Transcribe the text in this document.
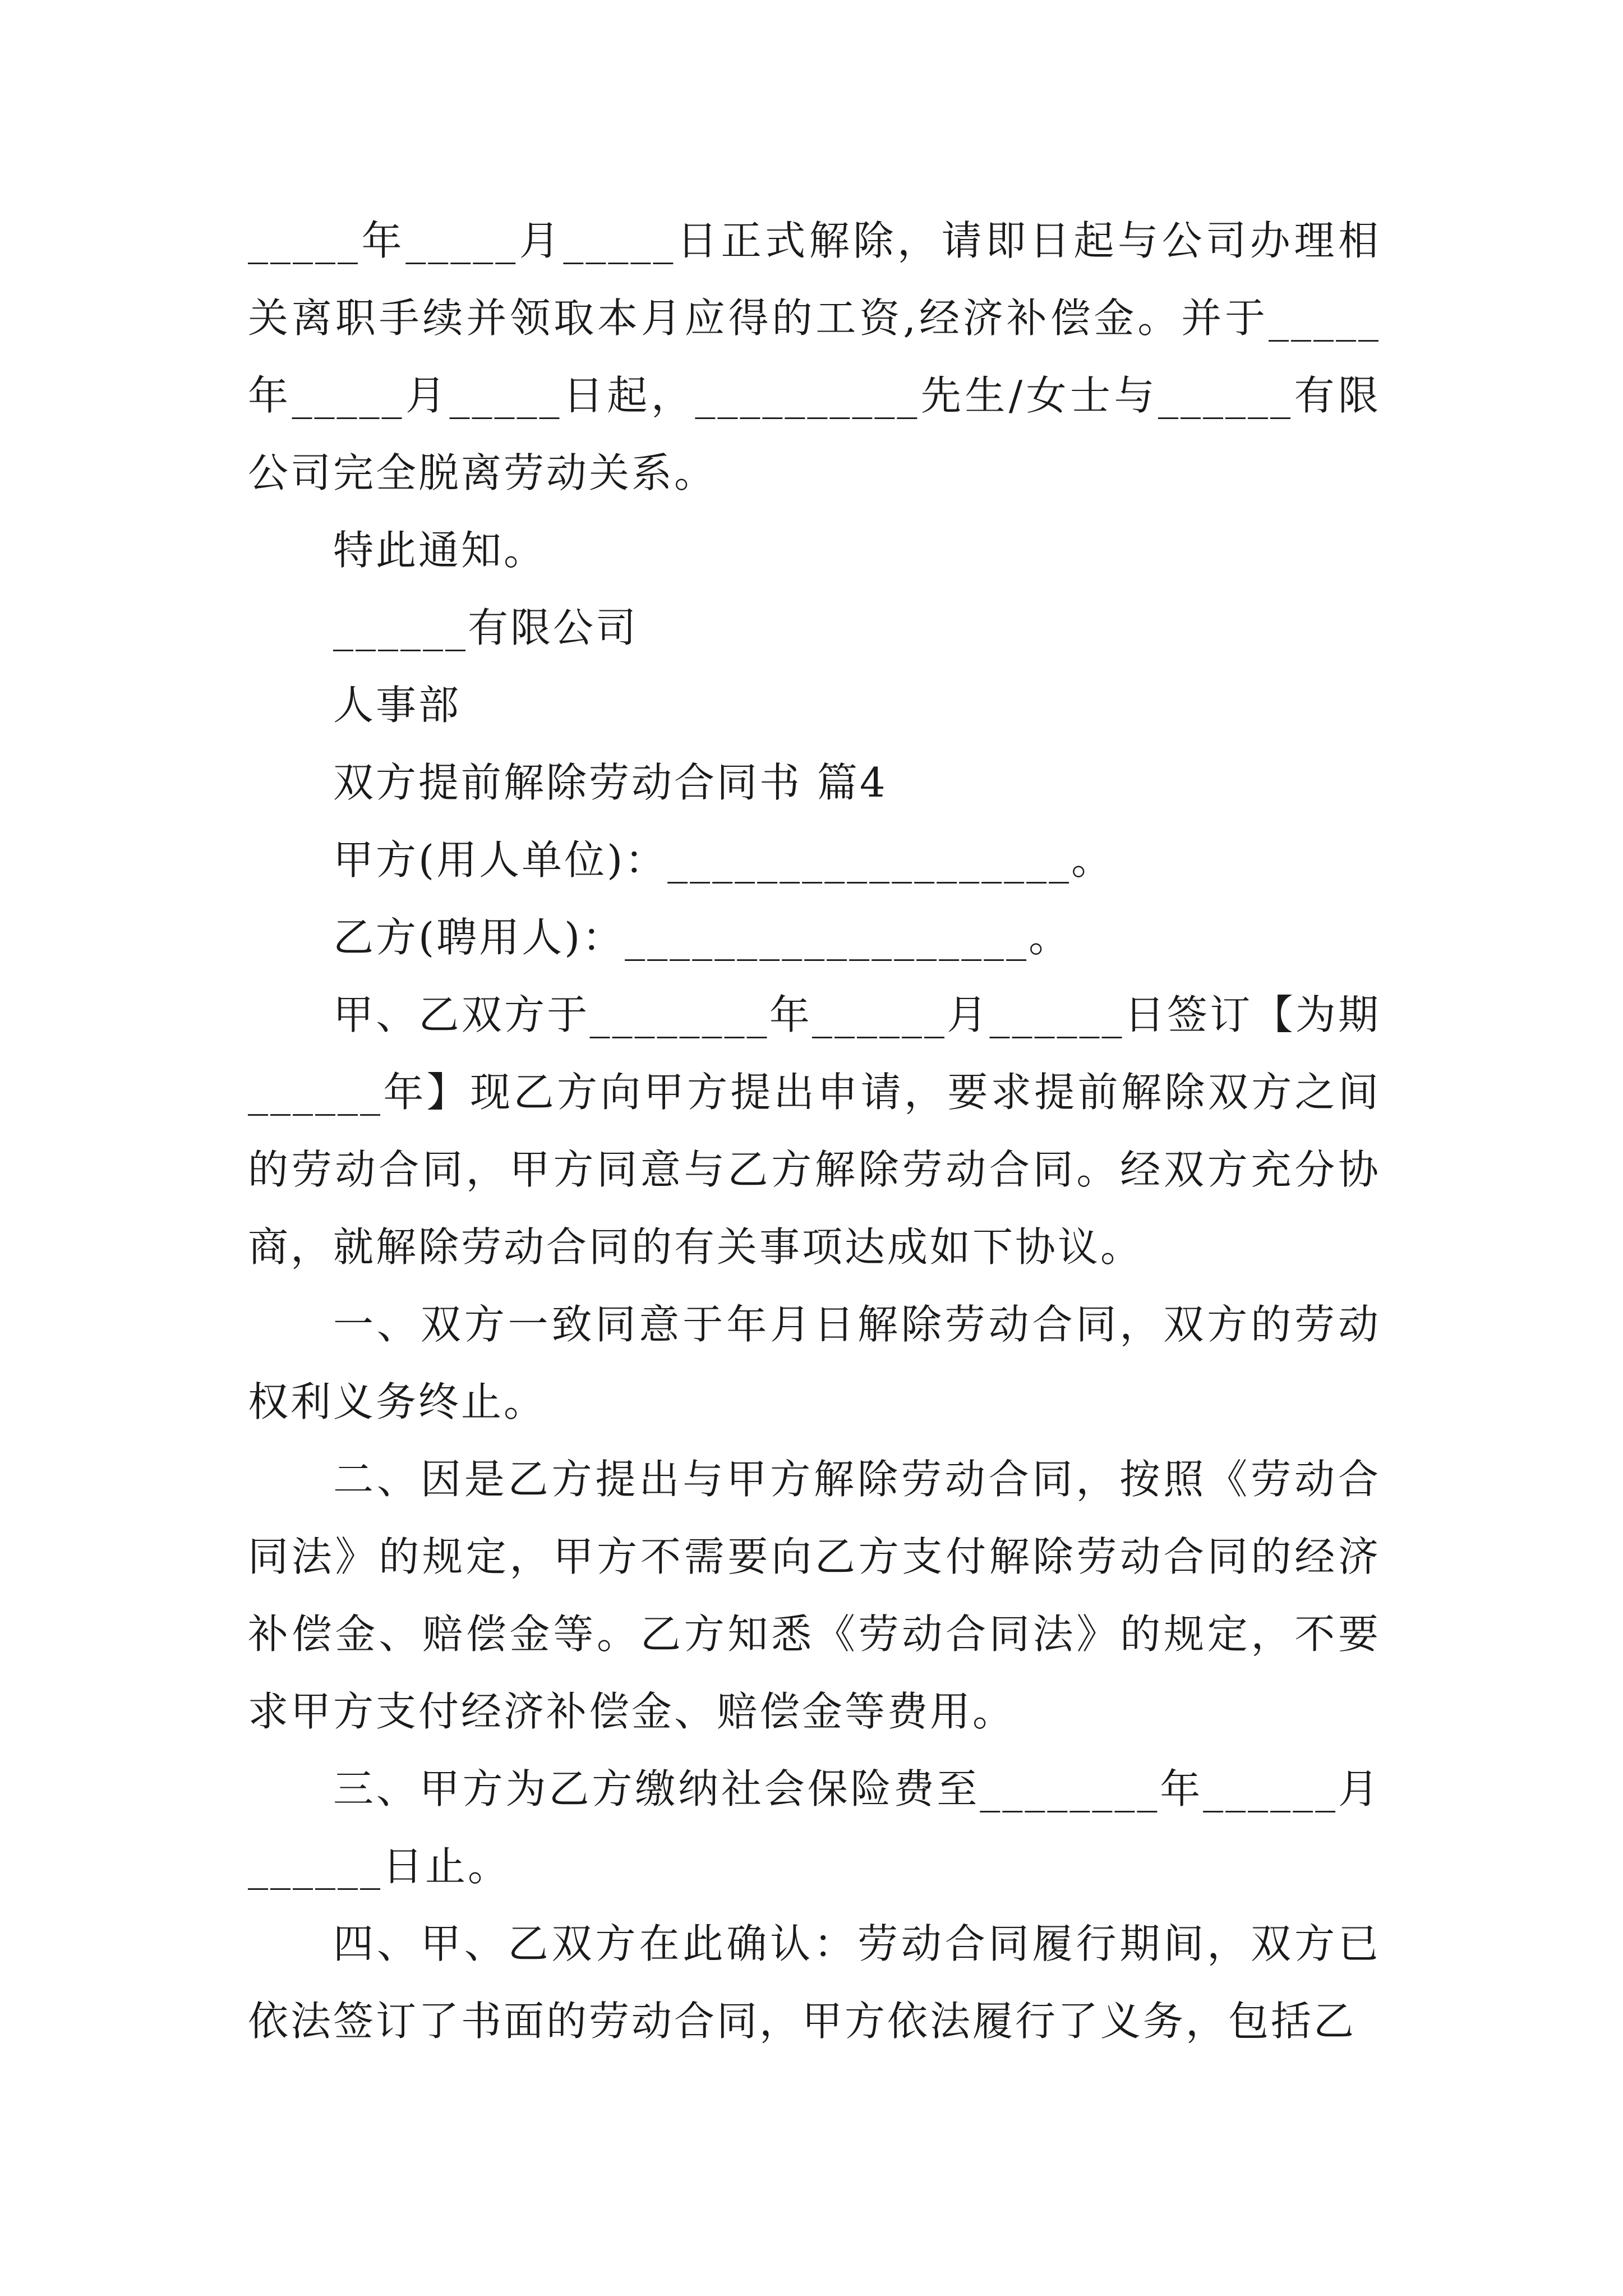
_____年_____月_____日正式解除，请即日起与公司办理相关离职手续并领取本月应得的工资,经济补偿金。并于_____年_____月_____日起，__________先生/女士与______有限公司完全脱离劳动关系。

特此通知。

______有限公司

人事部

双方提前解除劳动合同书 篇4

甲方(用人单位)：__________________。

乙方(聘用人)：__________________。

甲、乙双方于________年______月______日签订【为期______年】现乙方向甲方提出申请，要求提前解除双方之间的劳动合同，甲方同意与乙方解除劳动合同。经双方充分协商，就解除劳动合同的有关事项达成如下协议。

一、双方一致同意于年月日解除劳动合同，双方的劳动权利义务终止。

二、因是乙方提出与甲方解除劳动合同，按照《劳动合同法》的规定，甲方不需要向乙方支付解除劳动合同的经济补偿金、赔偿金等。乙方知悉《劳动合同法》的规定，不要求甲方支付经济补偿金、赔偿金等费用。

三、甲方为乙方缴纳社会保险费至________年______月______日止。

四、甲、乙双方在此确认：劳动合同履行期间，双方已依法签订了书面的劳动合同，甲方依法履行了义务，包括乙
